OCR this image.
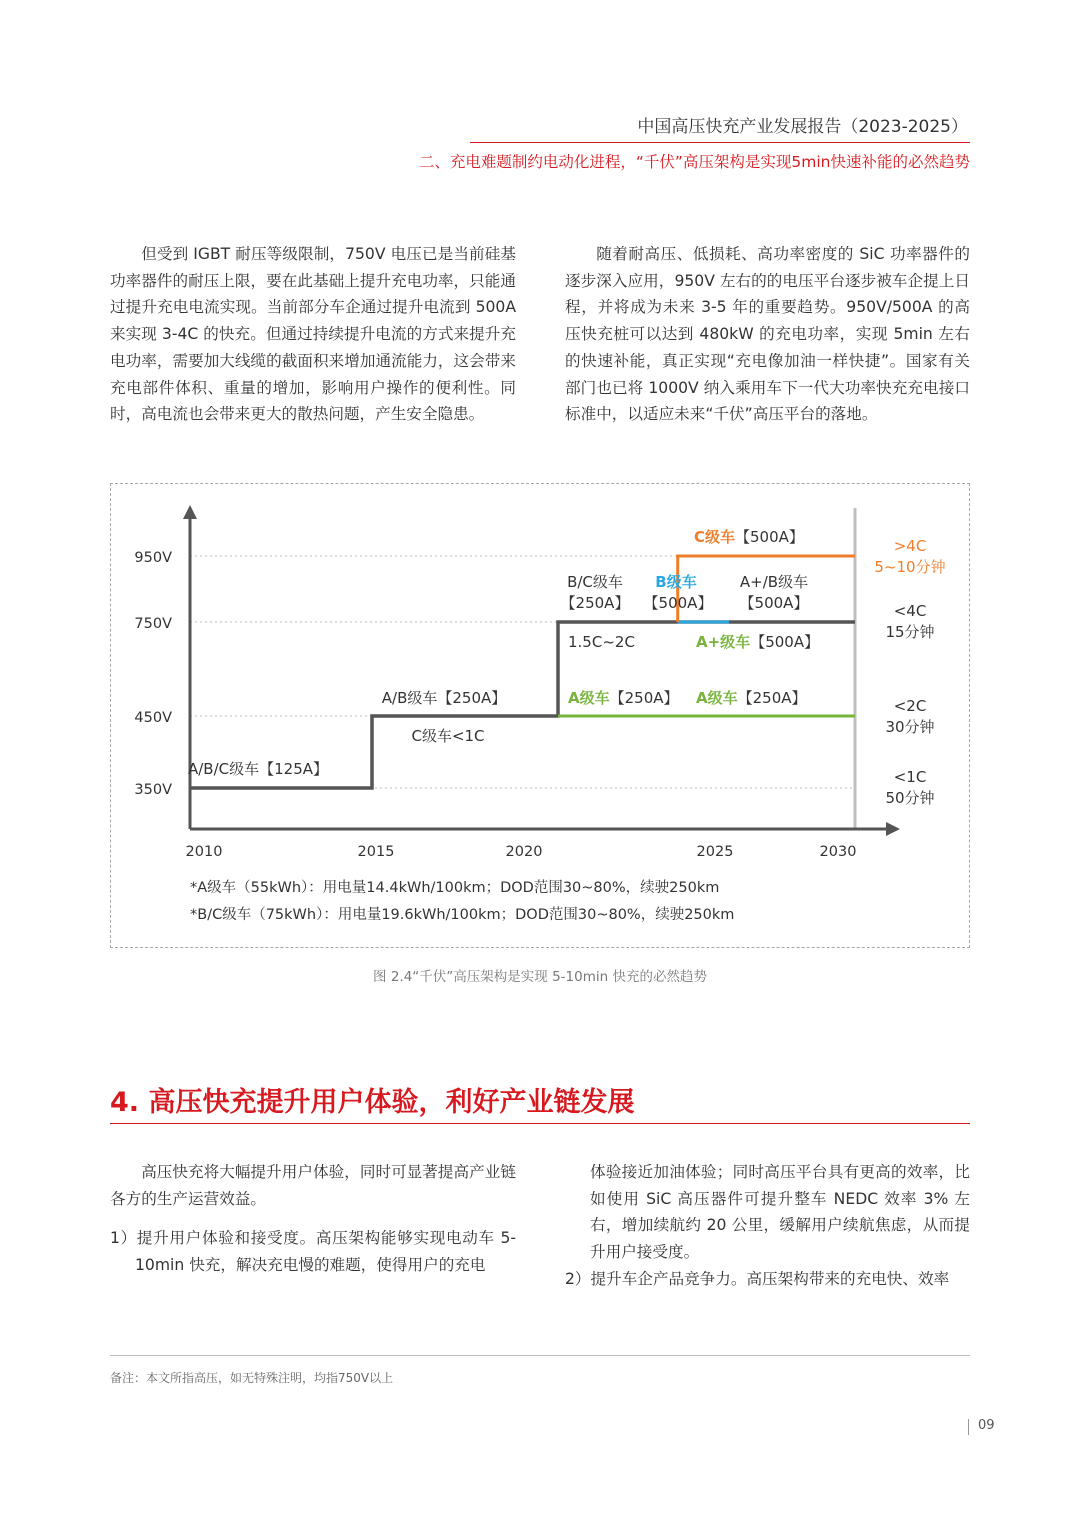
中国高压快充产业发展报告（2023-2025）
二、充电难题制约电动化进程，“千伏”高压架构是实现5min快速补能的必然趋势

但受到 IGBT 耐压等级限制，750V 电压已是当前硅基功率器件的耐压上限，要在此基础上提升充电功率，只能通过提升充电电流实现。当前部分车企通过提升电流到 500A 来实现 3-4C 的快充。但通过持续提升电流的方式来提升充电功率，需要加大线缆的截面积来增加通流能力，这会带来充电部件体积、重量的增加，影响用户操作的便利性。同时，高电流也会带来更大的散热问题，产生安全隐患。

随着耐高压、低损耗、高功率密度的 SiC 功率器件的逐步深入应用，950V 左右的的电压平台逐步被车企提上日程，并将成为未来 3-5 年的重要趋势。950V/500A 的高压快充桩可以达到 480kW 的充电功率，实现 5min 左右的快速补能，真正实现“充电像加油一样快捷”。国家有关部门也已将 1000V 纳入乘用车下一代大功率快充充电接口标准中，以适应未来“千伏”高压平台的落地。

350V
450V
750V
950V
2010	2015	2020	2025	2030
A/B/C级车【125A】
A/B级车【250A】
C级车<1C
B/C级车
【250A】
1.5C~2C
A级车【250A】
B级车
【500A】
A+/B级车
【500A】
C级车【500A】
A+级车【500A】
A级车【250A】
>4C
5~10分钟
<4C
15分钟
<2C
30分钟
<1C
50分钟
*A级车（55kWh）：用电量14.4kWh/100km；DOD范围30~80%，续驶250km
*B/C级车（75kWh）：用电量19.6kWh/100km；DOD范围30~80%，续驶250km
图 2.4“千伏”高压架构是实现 5-10min 快充的必然趋势
4. 高压快充提升用户体验，利好产业链发展

高压快充将大幅提升用户体验，同时可显著提高产业链各方的生产运营效益。

1）提升用户体验和接受度。高压架构能够实现电动车 5-10min 快充，解决充电慢的难题，使得用户的充电

体验接近加油体验；同时高压平台具有更高的效率，比如使用 SiC 高压器件可提升整车 NEDC 效率 3% 左右，增加续航约 20 公里，缓解用户续航焦虑，从而提升用户接受度。

2）提升车企产品竞争力。高压架构带来的充电快、效率

备注：本文所指高压，如无特殊注明，均指750V以上
09
